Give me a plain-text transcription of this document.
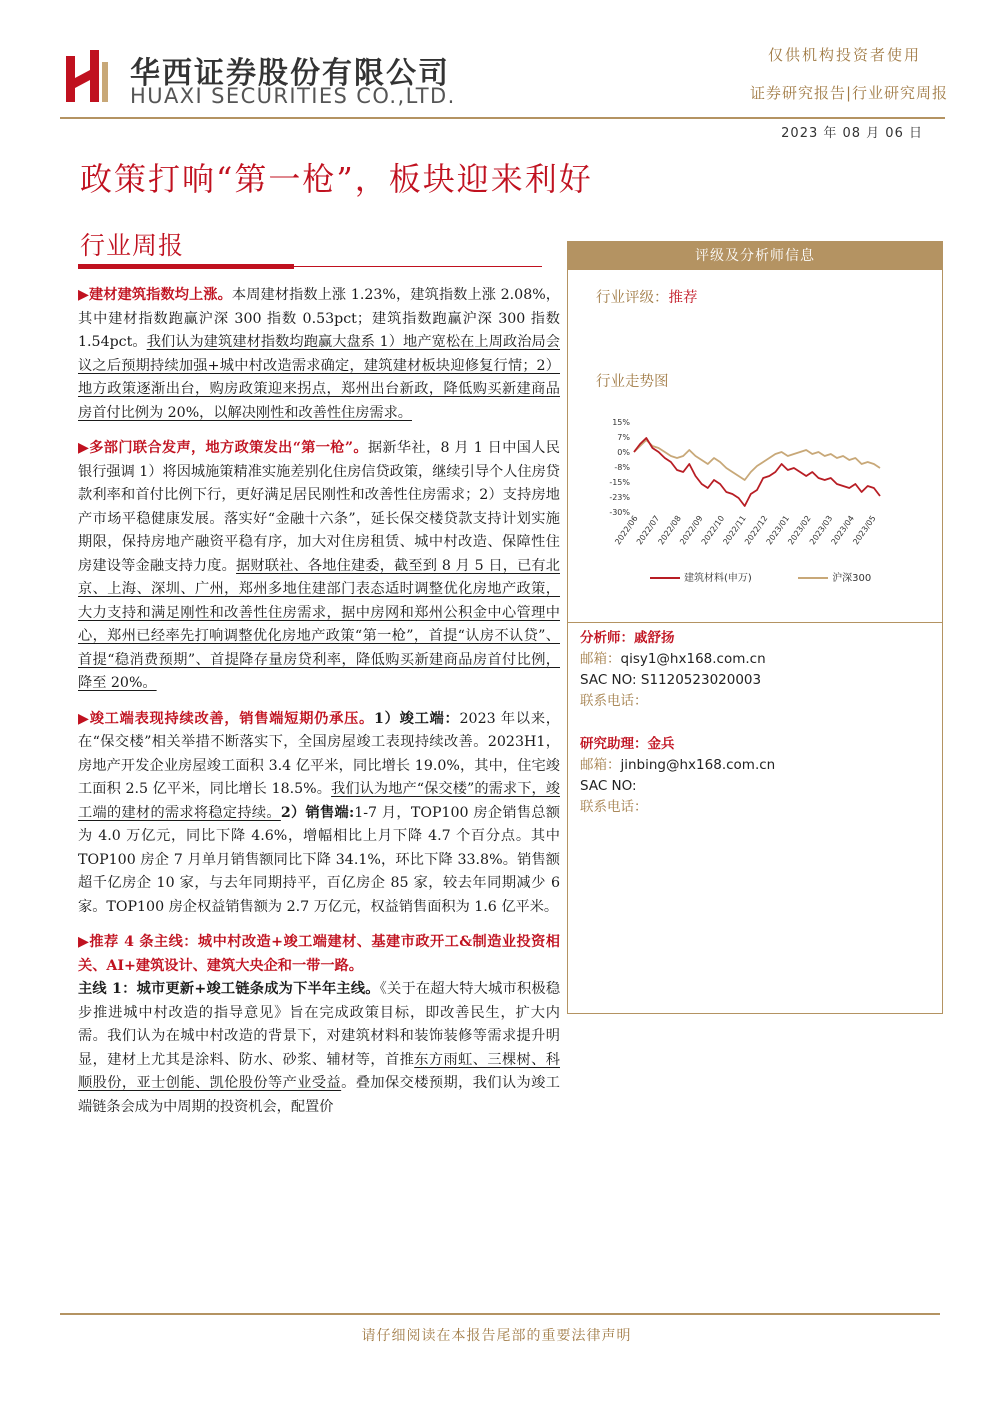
华西证券股份有限公司
HUAXI SECURITIES CO.,LTD.
仅供机构投资者使用
证券研究报告|行业研究周报
2023 年 08 月 06 日
政策打响“第一枪”，板块迎来利好
行业周报

▶建材建筑指数均上涨。本周建材指数上涨 1.23%，建筑指数上涨 2.08%，其中建材指数跑赢沪深 300 指数 0.53pct；建筑指数跑赢沪深 300 指数 1.54pct。我们认为建筑建材指数均跑赢大盘系 1）地产宽松在上周政治局会议之后预期持续加强+城中村改造需求确定，建筑建材板块迎修复行情；2）地方政策逐渐出台，购房政策迎来拐点，郑州出台新政，降低购买新建商品房首付比例为 20%，以解决刚性和改善性住房需求。

▶多部门联合发声，地方政策发出“第一枪”。据新华社，8 月 1 日中国人民银行强调 1）将因城施策精准实施差别化住房信贷政策，继续引导个人住房贷款利率和首付比例下行，更好满足居民刚性和改善性住房需求；2）支持房地产市场平稳健康发展。落实好“金融十六条”，延长保交楼贷款支持计划实施期限，保持房地产融资平稳有序，加大对住房租赁、城中村改造、保障性住房建设等金融支持力度。据财联社、各地住建委，截至到 8 月 5 日，已有北京、上海、深圳、广州，郑州多地住建部门表态适时调整优化房地产政策，大力支持和满足刚性和改善性住房需求，据中房网和郑州公积金中心管理中心，郑州已经率先打响调整优化房地产政策“第一枪”，首提“认房不认贷”、首提“稳消费预期”、首提降存量房贷利率，降低购买新建商品房首付比例，降至 20%。

▶竣工端表现持续改善，销售端短期仍承压。1）竣工端：2023 年以来，在“保交楼”相关举措不断落实下，全国房屋竣工表现持续改善。2023H1，房地产开发企业房屋竣工面积 3.4 亿平米，同比增长 19.0%，其中，住宅竣工面积 2.5 亿平米，同比增长 18.5%。我们认为地产“保交楼”的需求下，竣工端的建材的需求将稳定持续。2）销售端:1-7 月，TOP100 房企销售总额为 4.0 万亿元，同比下降 4.6%，增幅相比上月下降 4.7 个百分点。其中 TOP100 房企 7 月单月销售额同比下降 34.1%，环比下降 33.8%。销售额超千亿房企 10 家，与去年同期持平，百亿房企 85 家，较去年同期减少 6 家。TOP100 房企权益销售额为 2.7 万亿元，权益销售面积为 1.6 亿平米。

▶推荐 4 条主线：城中村改造+竣工端建材、基建市政开工&制造业投资相关、AI+建筑设计、建筑大央企和一带一路。

主线 1：城市更新+竣工链条成为下半年主线。《关于在超大特大城市积极稳步推进城中村改造的指导意见》旨在完成政策目标，即改善民生，扩大内需。我们认为在城中村改造的背景下，对建筑材料和装饰装修等需求提升明显，建材上尤其是涂料、防水、砂浆、辅材等，首推东方雨虹、三棵树、科顺股份，亚士创能、凯伦股份等产业受益。叠加保交楼预期，我们认为竣工端链条会成为中周期的投资机会，配置价

评级及分析师信息
行业评级：推荐
行业走势图
15%
7%
0%
-8%
-15%
-23%
-30%
2022/06
2022/07
2022/08
2022/09
2022/10
2022/11
2022/12
2023/01
2023/02
2023/03
2023/04
2023/05
建筑材料(申万)	沪深300
分析师：戚舒扬
邮箱：qisy1@hx168.com.cn
SAC NO: S1120523020003
联系电话：
研究助理：金兵
邮箱：jinbing@hx168.com.cn
SAC NO:
联系电话：
请仔细阅读在本报告尾部的重要法律声明
